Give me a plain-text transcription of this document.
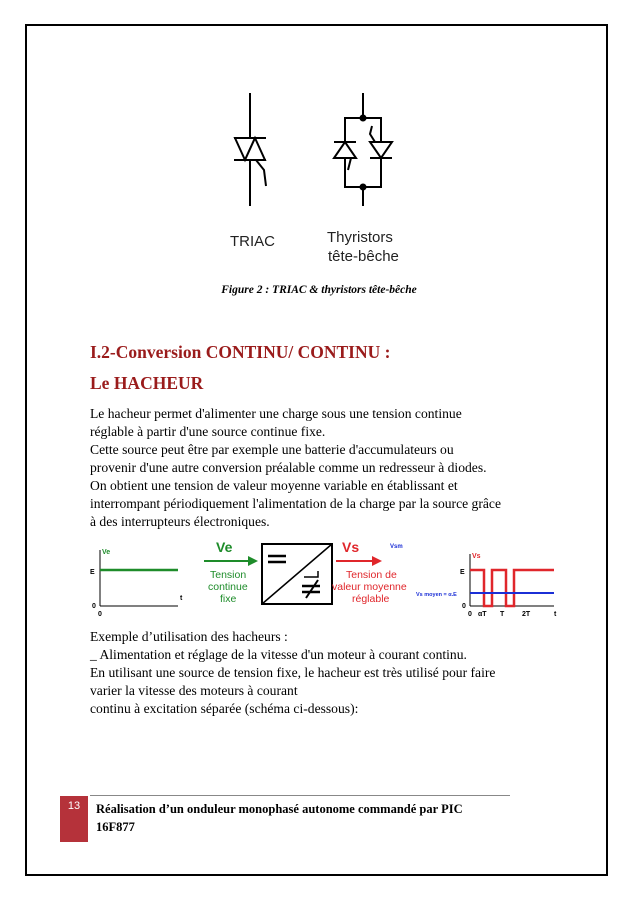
TRIAC	Thyristors
tête-bêche
Figure 2 : TRIAC & thyristors tête-bêche
I.2-Conversion CONTINU/ CONTINU :
Le HACHEUR
Le hacheur permet d'alimenter une charge sous une tension continue
réglable à partir d'une source continue fixe.
Cette source peut être par exemple une batterie d'accumulateurs ou
provenir d'une autre conversion préalable comme un redresseur à diodes.
On obtient une tension de valeur moyenne variable en établissant et
interrompant périodiquement l'alimentation de la charge par la source grâce
à des interrupteurs électroniques.
Ve
E
0
0
t
Ve
Tension
continue
fixe
Vs
Tension de
valeur moyenne
réglable
Vsm
Vs
E
Vs moyen = α.E
0
0 αT T	2T	t
Exemple d’utilisation des hacheurs :
_ Alimentation et réglage de la vitesse d'un moteur à courant continu.
En utilisant une source de tension fixe, le hacheur est très utilisé pour faire
varier la vitesse des moteurs à courant
continu à excitation séparée (schéma ci-dessous):
13	Réalisation d’un onduleur monophasé autonome commandé par PIC
16F877
